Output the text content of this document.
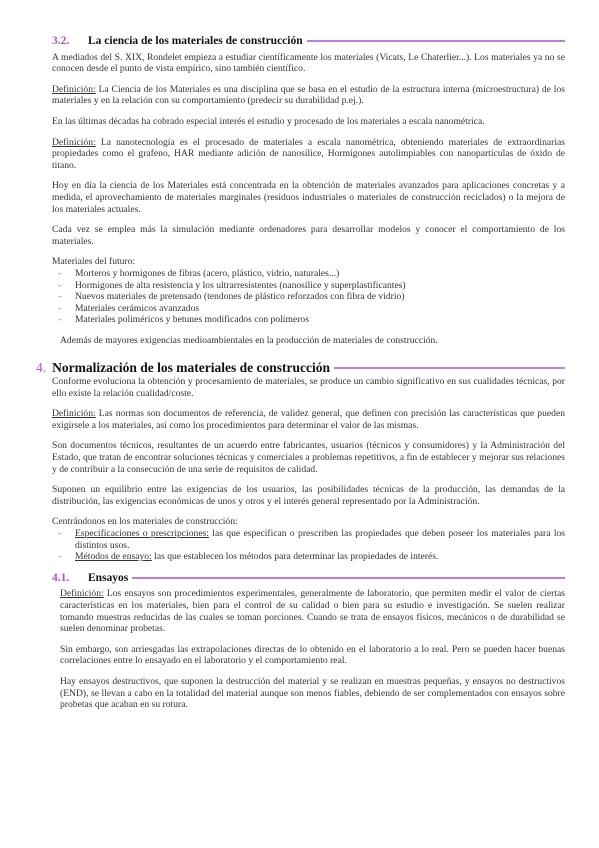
3.2.	La ciencia de los materiales de construcción

A mediados del S. XIX, Rondelet empieza a estudiar científicamente los materiales (Vicats, Le Chaterlier...). Los materiales ya no se conocen desde el punto de vista empírico, sino también científico.

Definición: La Ciencia de los Materiales es una disciplina que se basa en el estudio de la estructura interna (microestructura) de los materiales y en la relación con su comportamiento (predecir su durabilidad p.ej.).

En las últimas décadas ha cobrado especial interés el estudio y procesado de los materiales a escala nanométrica.

Definición: La nanotecnología es el procesado de materiales a escala nanométrica, obteniendo materiales de extraordinarias propiedades como el grafeno, HAR mediante adición de nanosílice, Hormigones autolimpiables con nanopartículas de óxido de titano.

Hoy en día la ciencia de los Materiales está concentrada en la obtención de materiales avanzados para aplicaciones concretas y a medida, el aprovechamiento de materiales marginales (residuos industriales o materiales de construcción reciclados) o la mejora de los materiales actuales.

Cada vez se emplea más la simulación mediante ordenadores para desarrollar modelos y conocer el comportamiento de los materiales.

Materiales del futuro:
- Morteros y hormigones de fibras (acero, plástico, vidrio, naturales...)
- Hormigones de alta resistencia y los ultrarresistentes (nanosílice y superplastificantes)
- Nuevos materiales de pretensado (tendones de plástico reforzados con fibra de vidrio)
- Materiales cerámicos avanzados
- Materiales poliméricos y betunes modificados con polímeros

Además de mayores exigencias medioambientales en la producción de materiales de construcción.

4. Normalización de los materiales de construcción

Conforme evoluciona la obtención y procesamiento de materiales, se produce un cambio significativo en sus cualidades técnicas, por ello existe la relación cualidad/coste.

Definición: Las normas son documentos de referencia, de validez general, que definen con precisión las características que pueden exigírsele a los materiales, así como los procedimientos para determinar el valor de las mismas.

Son documentos técnicos, resultantes de un acuerdo entre fabricantes, usuarios (técnicos y consumidores) y la Administración del Estado, que tratan de encontrar soluciones técnicas y comerciales a problemas repetitivos, a fin de establecer y mejorar sus relaciones y de contribuir a la consecución de una serie de requisitos de calidad.

Suponen un equilibrio entre las exigencias de los usuarios, las posibilidades técnicas de la producción, las demandas de la distribución, las exigencias económicas de unos y otros y el interés general representado por la Administración.

Centrándonos en los materiales de construcción:
- Especificaciones o prescripciones: las que especifican o prescriben las propiedades que deben poseer los materiales para los distintos usos.
- Métodos de ensayo: las que establecen los métodos para determinar las propiedades de interés.
4.1.	Ensayos

Definición: Los ensayos son procedimientos experimentales, generalmente de laboratorio, que permiten medir el valor de ciertas características en los materiales, bien para el control de su calidad o bien para su estudio e investigación. Se suelen realizar tomando muestras reducidas de las cuales se toman porciones. Cuando se trata de ensayos físicos, mecánicos o de durabilidad se suelen denominar probetas.

Sin embargo, son arriesgadas las extrapolaciones directas de lo obtenido en el laboratorio a lo real. Pero se pueden hacer buenas correlaciones entre lo ensayado en el laboratorio y el comportamiento real.

Hay ensayos destructivos, que suponen la destrucción del material y se realizan en muestras pequeñas, y ensayos no destructivos (END), se llevan a cabo en la totalidad del material aunque son menos fiables, debiendo de ser complementados con ensayos sobre probetas que acaban en su rotura.
